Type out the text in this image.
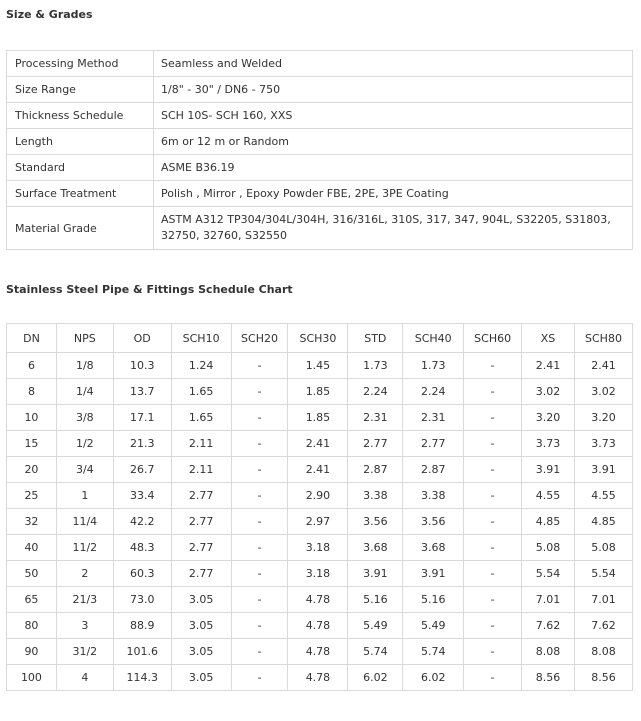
Size & Grades
Processing Method	Seamless and Welded
Size Range	1/8" - 30" / DN6 - 750
Thickness Schedule	SCH 10S- SCH 160, XXS
Length	6m or 12 m or Random
Standard	ASME B36.19
Surface Treatment	Polish , Mirror , Epoxy Powder FBE, 2PE, 3PE Coating
Material Grade	ASTM A312 TP304/304L/304H, 316/316L, 310S, 317, 347, 904L, S32205, S31803, 32750, 32760, S32550
Stainless Steel Pipe & Fittings Schedule Chart
DN	NPS	OD	SCH10	SCH20	SCH30	STD	SCH40	SCH60	XS	SCH80
6	1/8	10.3	1.24	-	1.45	1.73	1.73	-	2.41	2.41
8	1/4	13.7	1.65	-	1.85	2.24	2.24	-	3.02	3.02
10	3/8	17.1	1.65	-	1.85	2.31	2.31	-	3.20	3.20
15	1/2	21.3	2.11	-	2.41	2.77	2.77	-	3.73	3.73
20	3/4	26.7	2.11	-	2.41	2.87	2.87	-	3.91	3.91
25	1	33.4	2.77	-	2.90	3.38	3.38	-	4.55	4.55
32	11/4	42.2	2.77	-	2.97	3.56	3.56	-	4.85	4.85
40	11/2	48.3	2.77	-	3.18	3.68	3.68	-	5.08	5.08
50	2	60.3	2.77	-	3.18	3.91	3.91	-	5.54	5.54
65	21/3	73.0	3.05	-	4.78	5.16	5.16	-	7.01	7.01
80	3	88.9	3.05	-	4.78	5.49	5.49	-	7.62	7.62
90	31/2	101.6	3.05	-	4.78	5.74	5.74	-	8.08	8.08
100	4	114.3	3.05	-	4.78	6.02	6.02	-	8.56	8.56
